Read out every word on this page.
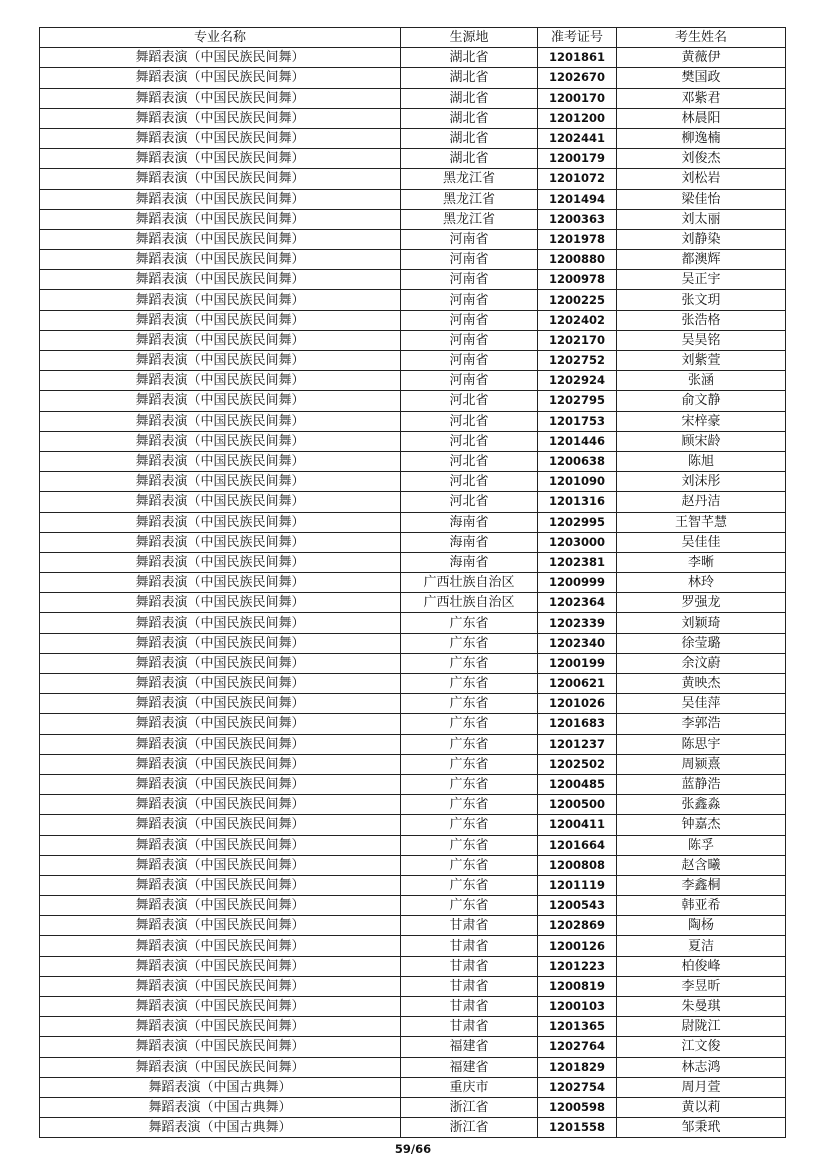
专业名称	生源地	准考证号	考生姓名
舞蹈表演（中国民族民间舞）	湖北省	1201861	黄薇伊
舞蹈表演（中国民族民间舞）	湖北省	1202670	樊国政
舞蹈表演（中国民族民间舞）	湖北省	1200170	邓紫君
舞蹈表演（中国民族民间舞）	湖北省	1201200	林晨阳
舞蹈表演（中国民族民间舞）	湖北省	1202441	柳逸楠
舞蹈表演（中国民族民间舞）	湖北省	1200179	刘俊杰
舞蹈表演（中国民族民间舞）	黑龙江省	1201072	刘松岩
舞蹈表演（中国民族民间舞）	黑龙江省	1201494	梁佳怡
舞蹈表演（中国民族民间舞）	黑龙江省	1200363	刘太丽
舞蹈表演（中国民族民间舞）	河南省	1201978	刘静染
舞蹈表演（中国民族民间舞）	河南省	1200880	都澳辉
舞蹈表演（中国民族民间舞）	河南省	1200978	吴正宇
舞蹈表演（中国民族民间舞）	河南省	1200225	张文玥
舞蹈表演（中国民族民间舞）	河南省	1202402	张浩格
舞蹈表演（中国民族民间舞）	河南省	1202170	吴昊铭
舞蹈表演（中国民族民间舞）	河南省	1202752	刘紫萱
舞蹈表演（中国民族民间舞）	河南省	1202924	张涵
舞蹈表演（中国民族民间舞）	河北省	1202795	俞文静
舞蹈表演（中国民族民间舞）	河北省	1201753	宋梓豪
舞蹈表演（中国民族民间舞）	河北省	1201446	顾宋龄
舞蹈表演（中国民族民间舞）	河北省	1200638	陈旭
舞蹈表演（中国民族民间舞）	河北省	1201090	刘沫彤
舞蹈表演（中国民族民间舞）	河北省	1201316	赵丹洁
舞蹈表演（中国民族民间舞）	海南省	1202995	王智芊慧
舞蹈表演（中国民族民间舞）	海南省	1203000	吴佳佳
舞蹈表演（中国民族民间舞）	海南省	1202381	李晰
舞蹈表演（中国民族民间舞）	广西壮族自治区	1200999	林玲
舞蹈表演（中国民族民间舞）	广西壮族自治区	1202364	罗强龙
舞蹈表演（中国民族民间舞）	广东省	1202339	刘颖琦
舞蹈表演（中国民族民间舞）	广东省	1202340	徐莹璐
舞蹈表演（中国民族民间舞）	广东省	1200199	余汶蔚
舞蹈表演（中国民族民间舞）	广东省	1200621	黄映杰
舞蹈表演（中国民族民间舞）	广东省	1201026	吴佳萍
舞蹈表演（中国民族民间舞）	广东省	1201683	李郭浩
舞蹈表演（中国民族民间舞）	广东省	1201237	陈思宇
舞蹈表演（中国民族民间舞）	广东省	1202502	周颍熹
舞蹈表演（中国民族民间舞）	广东省	1200485	蓝静浩
舞蹈表演（中国民族民间舞）	广东省	1200500	张鑫淼
舞蹈表演（中国民族民间舞）	广东省	1200411	钟嘉杰
舞蹈表演（中国民族民间舞）	广东省	1201664	陈孚
舞蹈表演（中国民族民间舞）	广东省	1200808	赵含曦
舞蹈表演（中国民族民间舞）	广东省	1201119	李鑫桐
舞蹈表演（中国民族民间舞）	广东省	1200543	韩亚希
舞蹈表演（中国民族民间舞）	甘肃省	1202869	陶杨
舞蹈表演（中国民族民间舞）	甘肃省	1200126	夏洁
舞蹈表演（中国民族民间舞）	甘肃省	1201223	柏俊峰
舞蹈表演（中国民族民间舞）	甘肃省	1200819	李昱昕
舞蹈表演（中国民族民间舞）	甘肃省	1200103	朱曼琪
舞蹈表演（中国民族民间舞）	甘肃省	1201365	尉陇江
舞蹈表演（中国民族民间舞）	福建省	1202764	江文俊
舞蹈表演（中国民族民间舞）	福建省	1201829	林志鸿
舞蹈表演（中国古典舞）	重庆市	1202754	周月萱
舞蹈表演（中国古典舞）	浙江省	1200598	黄以莉
舞蹈表演（中国古典舞）	浙江省	1201558	邹秉玳
59/66
